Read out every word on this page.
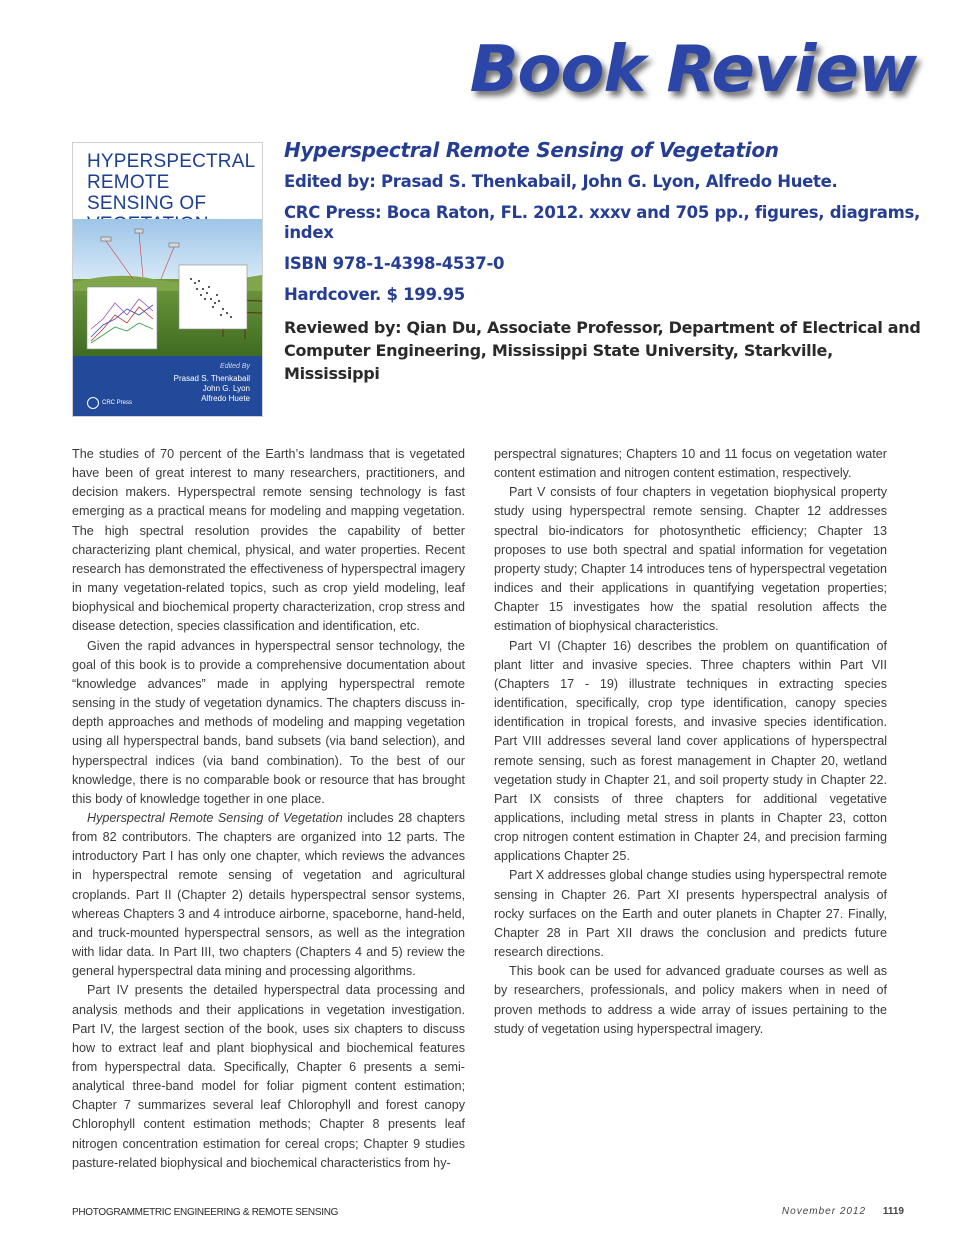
Book Review
HYPERSPECTRAL REMOTE SENSING OF
Edited By
Prasad S. Thenkabail
John G. Lyon
Alfredo Huete
CRC Press
Hyperspectral Remote Sensing of Vegetation
Edited by: Prasad S. Thenkabail, John G. Lyon, Alfredo Huete.
CRC Press: Boca Raton, FL. 2012. xxxv and 705 pp., figures, diagrams, index
ISBN 978-1-4398-4537-0
Hardcover. $ 199.95
Reviewed by: Qian Du, Associate Professor, Department of Electrical and Computer Engineering, Mississippi State University, Starkville, Mississippi

The studies of 70 percent of the Earth’s landmass that is vegetated have been of great interest to many researchers, practitioners, and decision makers. Hyperspectral remote sensing technology is fast emerging as a practical means for modeling and mapping vegetation. The high spectral resolution provides the capability of better characterizing plant chemical, physical, and water properties. Recent research has demonstrated the effectiveness of hyperspectral imagery in many vegetation-related topics, such as crop yield modeling, leaf biophysical and biochemical property characterization, crop stress and disease detection, species classification and identification, etc.

Given the rapid advances in hyperspectral sensor technology, the goal of this book is to provide a comprehensive documentation about “knowledge advances” made in applying hyperspectral remote sensing in the study of vegetation dynamics. The chapters discuss in-depth approaches and methods of modeling and mapping vegetation using all hyperspectral bands, band subsets (via band selection), and hyperspectral indices (via band combination). To the best of our knowledge, there is no comparable book or resource that has brought this body of knowledge together in one place.

Hyperspectral Remote Sensing of Vegetation includes 28 chapters from 82 contributors. The chapters are organized into 12 parts. The introductory Part I has only one chapter, which reviews the advances in hyperspectral remote sensing of vegetation and agricultural croplands. Part II (Chapter 2) details hyperspectral sensor systems, whereas Chapters 3 and 4 introduce airborne, spaceborne, hand-held, and truck-mounted hyperspectral sensors, as well as the integration with lidar data. In Part III, two chapters (Chapters 4 and 5) review the general hyperspectral data mining and processing algorithms.

Part IV presents the detailed hyperspectral data processing and analysis methods and their applications in vegetation investigation. Part IV, the largest section of the book, uses six chapters to discuss how to extract leaf and plant biophysical and biochemical features from hyperspectral data. Specifically, Chapter 6 presents a semi-analytical three-band model for foliar pigment content estimation; Chapter 7 summarizes several leaf Chlorophyll and forest canopy Chlorophyll content estimation methods; Chapter 8 presents leaf nitrogen concentration estimation for cereal crops; Chapter 9 studies pasture-related biophysical and biochemical characteristics from hy-

perspectral signatures; Chapters 10 and 11 focus on vegetation water content estimation and nitrogen content estimation, respectively.

Part V consists of four chapters in vegetation biophysical property study using hyperspectral remote sensing. Chapter 12 addresses spectral bio-indicators for photosynthetic efficiency; Chapter 13 proposes to use both spectral and spatial information for vegetation property study; Chapter 14 introduces tens of hyperspectral vegetation indices and their applications in quantifying vegetation properties; Chapter 15 investigates how the spatial resolution affects the estimation of biophysical characteristics.

Part VI (Chapter 16) describes the problem on quantification of plant litter and invasive species. Three chapters within Part VII (Chapters 17 - 19) illustrate techniques in extracting species identification, specifically, crop type identification, canopy species identification in tropical forests, and invasive species identification. Part VIII addresses several land cover applications of hyperspectral remote sensing, such as forest management in Chapter 20, wetland vegetation study in Chapter 21, and soil property study in Chapter 22. Part IX consists of three chapters for additional vegetative applications, including metal stress in plants in Chapter 23, cotton crop nitrogen content estimation in Chapter 24, and precision farming applications Chapter 25.

Part X addresses global change studies using hyperspectral remote sensing in Chapter 26. Part XI presents hyperspectral analysis of rocky surfaces on the Earth and outer planets in Chapter 27. Finally, Chapter 28 in Part XII draws the conclusion and predicts future research directions.

This book can be used for advanced graduate courses as well as by researchers, professionals, and policy makers when in need of proven methods to address a wide array of issues pertaining to the study of vegetation using hyperspectral imagery.

PHOTOGRAMMETRIC ENGINEERING & REMOTE SENSING	November 2012 1119
